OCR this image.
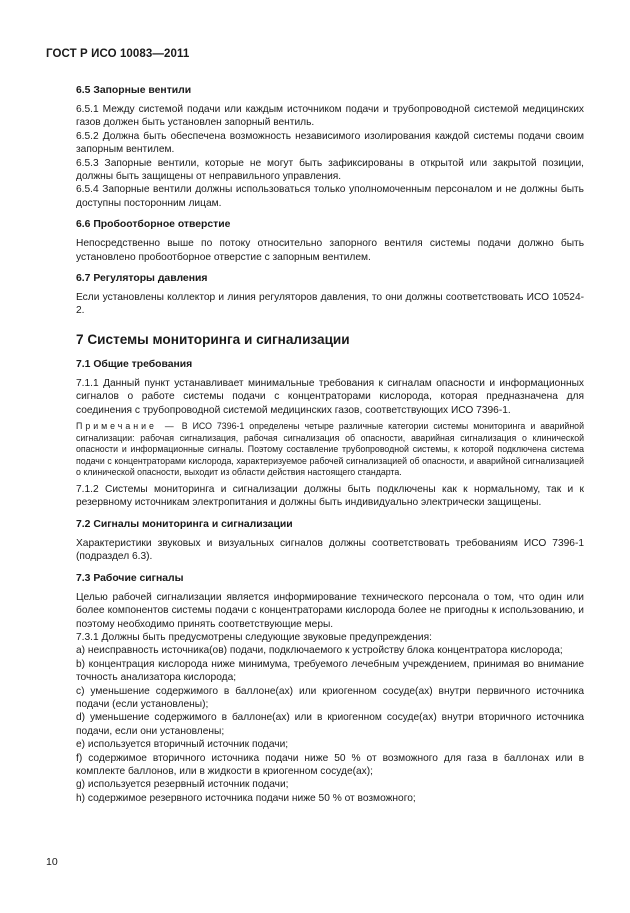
ГОСТ Р ИСО 10083—2011
6.5 Запорные вентили

6.5.1 Между системой подачи или каждым источником подачи и трубопроводной системой медицинских газов должен быть установлен запорный вентиль.

6.5.2 Должна быть обеспечена возможность независимого изолирования каждой системы подачи своим запорным вентилем.

6.5.3 Запорные вентили, которые не могут быть зафиксированы в открытой или закрытой позиции, должны быть защищены от неправильного управления.

6.5.4 Запорные вентили должны использоваться только уполномоченным персоналом и не должны быть доступны посторонним лицам.

6.6 Пробоотборное отверстие

Непосредственно выше по потоку относительно запорного вентиля системы подачи должно быть установлено пробоотборное отверстие с запорным вентилем.

6.7 Регуляторы давления

Если установлены коллектор и линия регуляторов давления, то они должны соответствовать ИСО 10524-2.

7 Системы мониторинга и сигнализации
7.1 Общие требования

7.1.1 Данный пункт устанавливает минимальные требования к сигналам опасности и информационных сигналов о работе системы подачи с концентраторами кислорода, которая предназначена для соединения с трубопроводной системой медицинских газов, соответствующих ИСО 7396-1.

Примечание — В ИСО 7396-1 определены четыре различные категории системы мониторинга и аварийной сигнализации: рабочая сигнализация, рабочая сигнализация об опасности, аварийная сигнализация о клинической опасности и информационные сигналы. Поэтому составление трубопроводной системы, к которой подключена система подачи с концентраторами кислорода, характеризуемое рабочей сигнализацией об опасности, и аварийной сигнализацией о клинической опасности, выходит из области действия настоящего стандарта.

7.1.2 Системы мониторинга и сигнализации должны быть подключены как к нормальному, так и к резервному источникам электропитания и должны быть индивидуально электрически защищены.

7.2 Сигналы мониторинга и сигнализации

Характеристики звуковых и визуальных сигналов должны соответствовать требованиям ИСО 7396-1 (подраздел 6.3).

7.3 Рабочие сигналы

Целью рабочей сигнализации является информирование технического персонала о том, что один или более компонентов системы подачи с концентраторами кислорода более не пригодны к использованию, и поэтому необходимо принять соответствующие меры.

7.3.1 Должны быть предусмотрены следующие звуковые предупреждения:

a) неисправность источника(ов) подачи, подключаемого к устройству блока концентратора кислорода;

b) концентрация кислорода ниже минимума, требуемого лечебным учреждением, принимая во внимание точность анализатора кислорода;

c) уменьшение содержимого в баллоне(ах) или криогенном сосуде(ах) внутри первичного источника подачи (если установлены);

d) уменьшение содержимого в баллоне(ах) или в криогенном сосуде(ах) внутри вторичного источника подачи, если они установлены;

e) используется вторичный источник подачи;

f) содержимое вторичного источника подачи ниже 50 % от возможного для газа в баллонах или в комплекте баллонов, или в жидкости в криогенном сосуде(ах);

g) используется резервный источник подачи;

h) содержимое резервного источника подачи ниже 50 % от возможного;

10
